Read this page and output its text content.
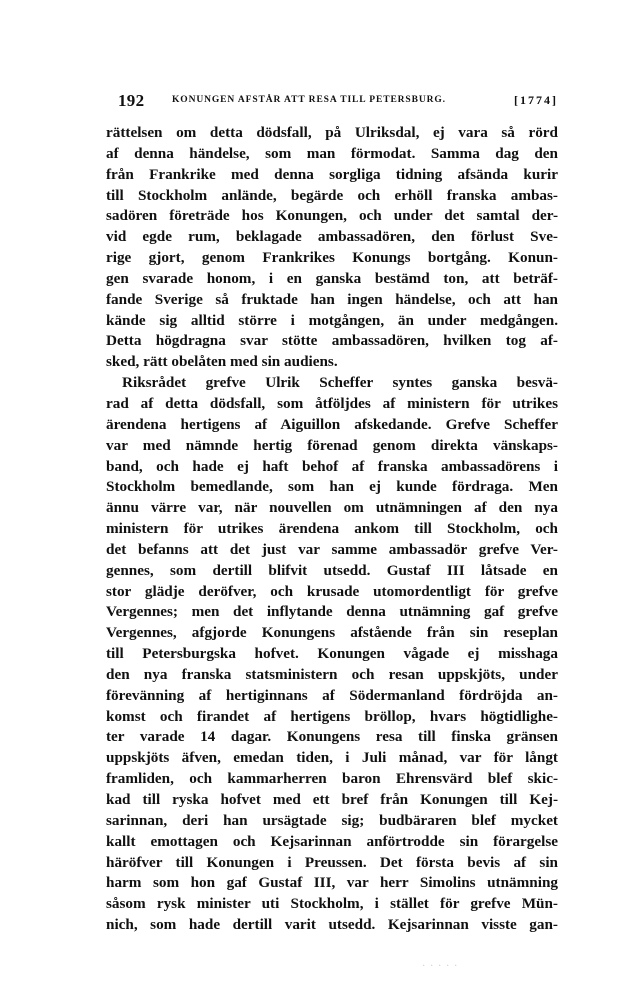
192	KONUNGEN AFSTÅR ATT RESA TILL PETERSBURG.	[1774]
rättelsen om detta dödsfall, på Ulriksdal, ej vara så rörd
af denna händelse, som man förmodat. Samma dag den
från Frankrike med denna sorgliga tidning afsända kurir
till Stockholm anlände, begärde och erhöll franska ambas-
sadören företräde hos Konungen, och under det samtal der-
vid egde rum, beklagade ambassadören, den förlust Sve-
rige gjort, genom Frankrikes Konungs bortgång. Konun-
gen svarade honom, i en ganska bestämd ton, att beträf-
fande Sverige så fruktade han ingen händelse, och att han
kände sig alltid större i motgången, än under medgången.
Detta högdragna svar stötte ambassadören, hvilken tog af-
sked, rätt obelåten med sin audiens.
Riksrådet grefve Ulrik Scheffer syntes ganska besvä-
rad af detta dödsfall, som åtföljdes af ministern för utrikes
ärendena hertigens af Aiguillon afskedande. Grefve Scheffer
var med nämnde hertig förenad genom direkta vänskaps-
band, och hade ej haft behof af franska ambassadörens i
Stockholm bemedlande, som han ej kunde fördraga. Men
ännu värre var, när nouvellen om utnämningen af den nya
ministern för utrikes ärendena ankom till Stockholm, och
det befanns att det just var samme ambassadör grefve Ver-
gennes, som dertill blifvit utsedd. Gustaf III låtsade en
stor glädje deröfver, och krusade utomordentligt för grefve
Vergennes; men det inflytande denna utnämning gaf grefve
Vergennes, afgjorde Konungens afstående från sin reseplan
till Petersburgska hofvet. Konungen vågade ej misshaga
den nya franska statsministern och resan uppskjöts, under
förevänning af hertiginnans af Södermanland fördröjda an-
komst och firandet af hertigens bröllop, hvars högtidlighe-
ter varade 14 dagar. Konungens resa till finska gränsen
uppskjöts äfven, emedan tiden, i Juli månad, var för långt
framliden, och kammarherren baron Ehrensvärd blef skic-
kad till ryska hofvet med ett bref från Konungen till Kej-
sarinnan, deri han ursägtade sig; budbäraren blef mycket
kallt emottagen och Kejsarinnan anförtrodde sin förargelse
häröfver till Konungen i Preussen. Det första bevis af sin
harm som hon gaf Gustaf III, var herr Simolins utnämning
såsom rysk minister uti Stockholm, i stället för grefve Mün-
nich, som hade dertill varit utsedd. Kejsarinnan visste gan-
· · · · ·
